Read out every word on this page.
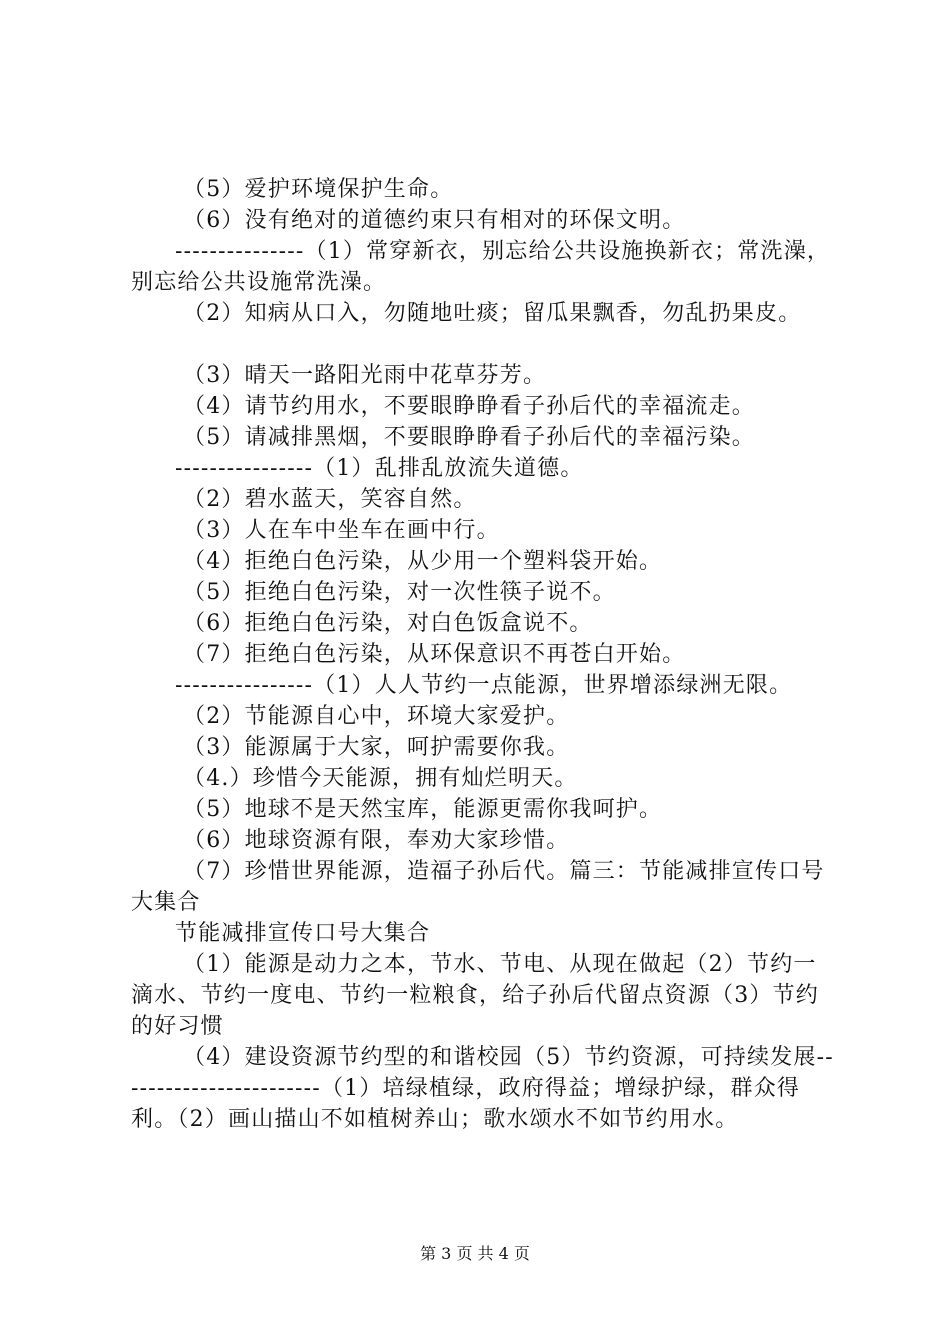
（5）爱护环境保护生命。

（6）没有绝对的道德约束只有相对的环保文明。

---------------（1）常穿新衣，别忘给公共设施换新衣；常洗澡，别忘给公共设施常洗澡。

（2）知病从口入，勿随地吐痰；留瓜果飘香，勿乱扔果皮。

（3）晴天一路阳光雨中花草芬芳。

（4）请节约用水，不要眼睁睁看子孙后代的幸福流走。

（5）请减排黑烟，不要眼睁睁看子孙后代的幸福污染。

----------------（1）乱排乱放流失道德。

（2）碧水蓝天，笑容自然。

（3）人在车中坐车在画中行。

（4）拒绝白色污染，从少用一个塑料袋开始。

（5）拒绝白色污染，对一次性筷子说不。

（6）拒绝白色污染，对白色饭盒说不。

（7）拒绝白色污染，从环保意识不再苍白开始。

----------------（1）人人节约一点能源，世界增添绿洲无限。

（2）节能源自心中，环境大家爱护。

（3）能源属于大家，呵护需要你我。

（4.）珍惜今天能源，拥有灿烂明天。

（5）地球不是天然宝库，能源更需你我呵护。

（6）地球资源有限，奉劝大家珍惜。

（7）珍惜世界能源，造福子孙后代。篇三：节能减排宣传口号大集合

节能减排宣传口号大集合

（1）能源是动力之本，节水、节电、从现在做起（2）节约一滴水、节约一度电、节约一粒粮食，给子孙后代留点资源（3）节约的好习惯

（4）建设资源节约型的和谐校园（5）节约资源，可持续发展------------------------（1）培绿植绿，政府得益；增绿护绿，群众得利。（2）画山描山不如植树养山；歌水颂水不如节约用水。

第 3 页 共 4 页
